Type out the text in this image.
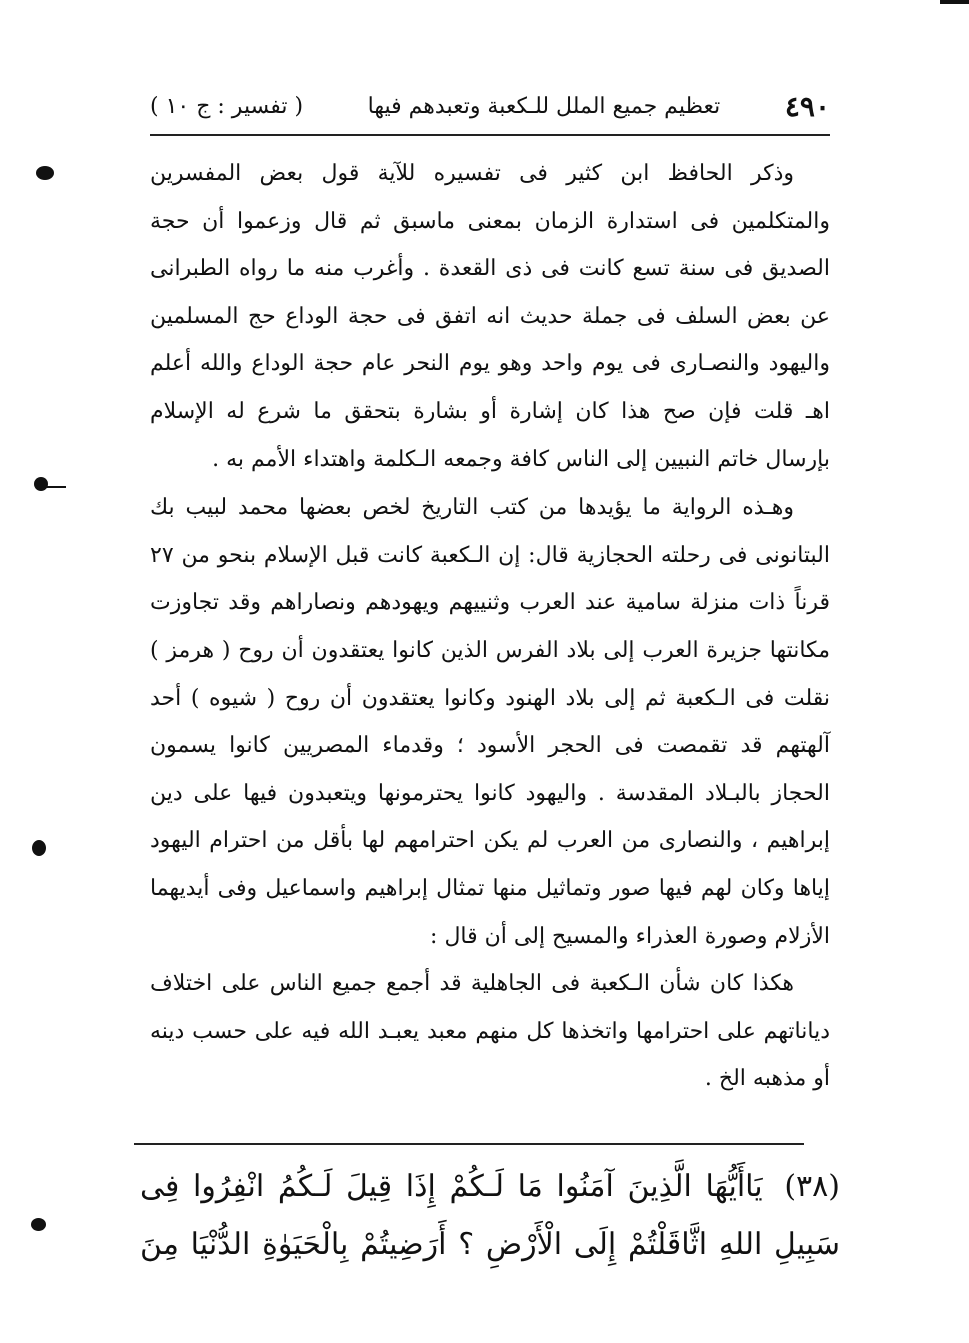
٤٩٠
تعظيم جميع الملل للـكعبة وتعبدهم فيها
( تفسير : ج ١٠ )

وذكر الحافظ ابن كثير فى تفسيره للآية قول بعض المفسرين والمتكلمين فى استدارة الزمان بمعنى ماسبق ثم قال وزعموا أن حجة الصديق فى سنة تسع كانت فى ذى القعدة . وأغرب منه ما رواه الطبرانى عن بعض السلف فى جملة حديث انه اتفق فى حجة الوداع حج المسلمين واليهود والنصـارى فى يوم واحد وهو يوم النحر عام حجة الوداع والله أعلم اهـ قلت فإن صح هذا كان إشارة أو بشارة بتحقق ما شرع له الإسلام بإرسال خاتم النبيين إلى الناس كافة وجمعه الـكلمة واهتداء الأمم به .

وهـذه الرواية ما يؤيدها من كتب التاريخ لخص بعضها محمد لبيب بك البتانونى فى رحلته الحجازية قال: إن الـكعبة كانت قبل الإسلام بنحو من ٢٧ قرناً ذات منزلة سامية عند العرب وثنييهم ويهودهم ونصاراهم وقد تجاوزت مكانتها جزيرة العرب إلى بلاد الفرس الذين كانوا يعتقدون أن روح ( هرمز ) نقلت فى الـكعبة ثم إلى بلاد الهنود وكانوا يعتقدون أن روح ( شيوه ) أحد آلهتهم قد تقمصت فى الحجر الأسود ؛ وقدماء المصريين كانوا يسمون الحجاز بالبـلاد المقدسة . واليهود كانوا يحترمونها ويتعبدون فيها على دين إبراهيم ، والنصارى من العرب لم يكن احترامهم لها بأقل من احترام اليهود إياها وكان لهم فيها صور وتماثيل منها تمثال إبراهيم واسماعيل وفى أيديهما الأزلام وصورة العذراء والمسيح إلى أن قال :

هكذا كان شأن الـكعبة فى الجاهلية قد أجمع جميع الناس على اختلاف دياناتهم على احترامها واتخذها كل منهم معبد يعبـد الله فيه على حسب دينه أو مذهبه الخ .

(٣٨) يَاأَيُّهَا الَّذِينَ آمَنُوا مَا لَـكُمْ إِذَا قِيلَ لَـكُمُ انْفِرُوا فِى سَبِيلِ اللهِ اثَّاقَلْتُمْ إِلَى الْأَرْضِ ؟ أَرَضِيتُمْ بِالْحَيَوٰةِ الدُّنْيَا مِنَ
